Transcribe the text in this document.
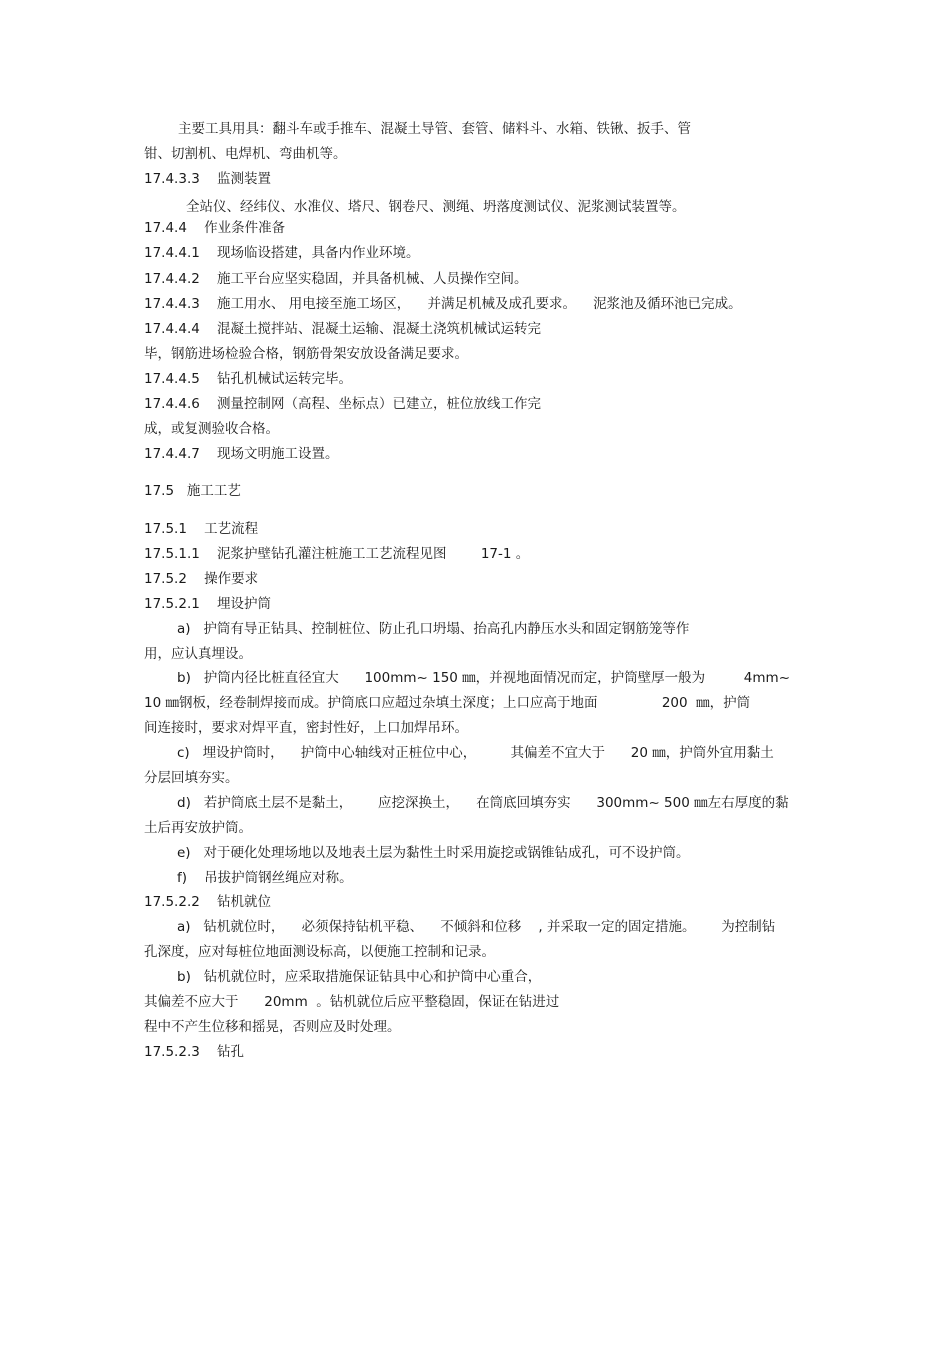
主要工具用具：翻斗车或手推车、混凝土导管、套管、储料斗、水箱、铁锹、扳手、管
钳、切割机、电焊机、弯曲机等。
17.4.3.3    监测装置
全站仪、经纬仪、水准仪、塔尺、钢卷尺、测绳、坍落度测试仪、泥浆测试装置等。
17.4.4    作业条件准备
17.4.4.1    现场临设搭建，具备内作业环境。
17.4.4.2    施工平台应坚实稳固，并具备机械、人员操作空间。
17.4.4.3    施工用水、 用电接至施工场区，    并满足机械及成孔要求。    泥浆池及循环池已完成。
17.4.4.4    混凝土搅拌站、混凝土运输、混凝土浇筑机械试运转完
毕，钢筋进场检验合格，钢筋骨架安放设备满足要求。
17.4.4.5    钻孔机械试运转完毕。
17.4.4.6    测量控制网（高程、坐标点）已建立，桩位放线工作完
成，或复测验收合格。
17.4.4.7    现场文明施工设置。
17.5   施工工艺
17.5.1    工艺流程
17.5.1.1    泥浆护壁钻孔灌注桩施工工艺流程见图        17-1 。
17.5.2    操作要求
17.5.2.1    埋设护筒
a)   护筒有导正钻具、控制桩位、防止孔口坍塌、抬高孔内静压水头和固定钢筋笼等作
用，应认真埋设。
b)   护筒内径比桩直径宜大      100mm~ 150 ㎜，并视地面情况而定，护筒壁厚一般为         4mm~
10 ㎜钢板，经卷制焊接而成。护筒底口应超过杂填土深度；上口应高于地面               200  ㎜，护筒
间连接时，要求对焊平直，密封性好，上口加焊吊环。
c)   埋设护筒时，    护筒中心轴线对正桩位中心，        其偏差不宜大于      20 ㎜，护筒外宜用黏土
分层回填夯实。
d)   若护筒底土层不是黏土，      应挖深换土，    在筒底回填夯实      300mm~ 500 ㎜左右厚度的黏
土后再安放护筒。
e)   对于硬化处理场地以及地表土层为黏性土时采用旋挖或锅锥钻成孔，可不设护筒。
f)    吊拔护筒钢丝绳应对称。
17.5.2.2    钻机就位
a)   钻机就位时，    必须保持钻机平稳、    不倾斜和位移    , 并采取一定的固定措施。      为控制钻
孔深度，应对每桩位地面测设标高，以便施工控制和记录。
b)   钻机就位时，应采取措施保证钻具中心和护筒中心重合，
其偏差不应大于      20mm  。钻机就位后应平整稳固，保证在钻进过
程中不产生位移和摇晃，否则应及时处理。
17.5.2.3    钻孔
